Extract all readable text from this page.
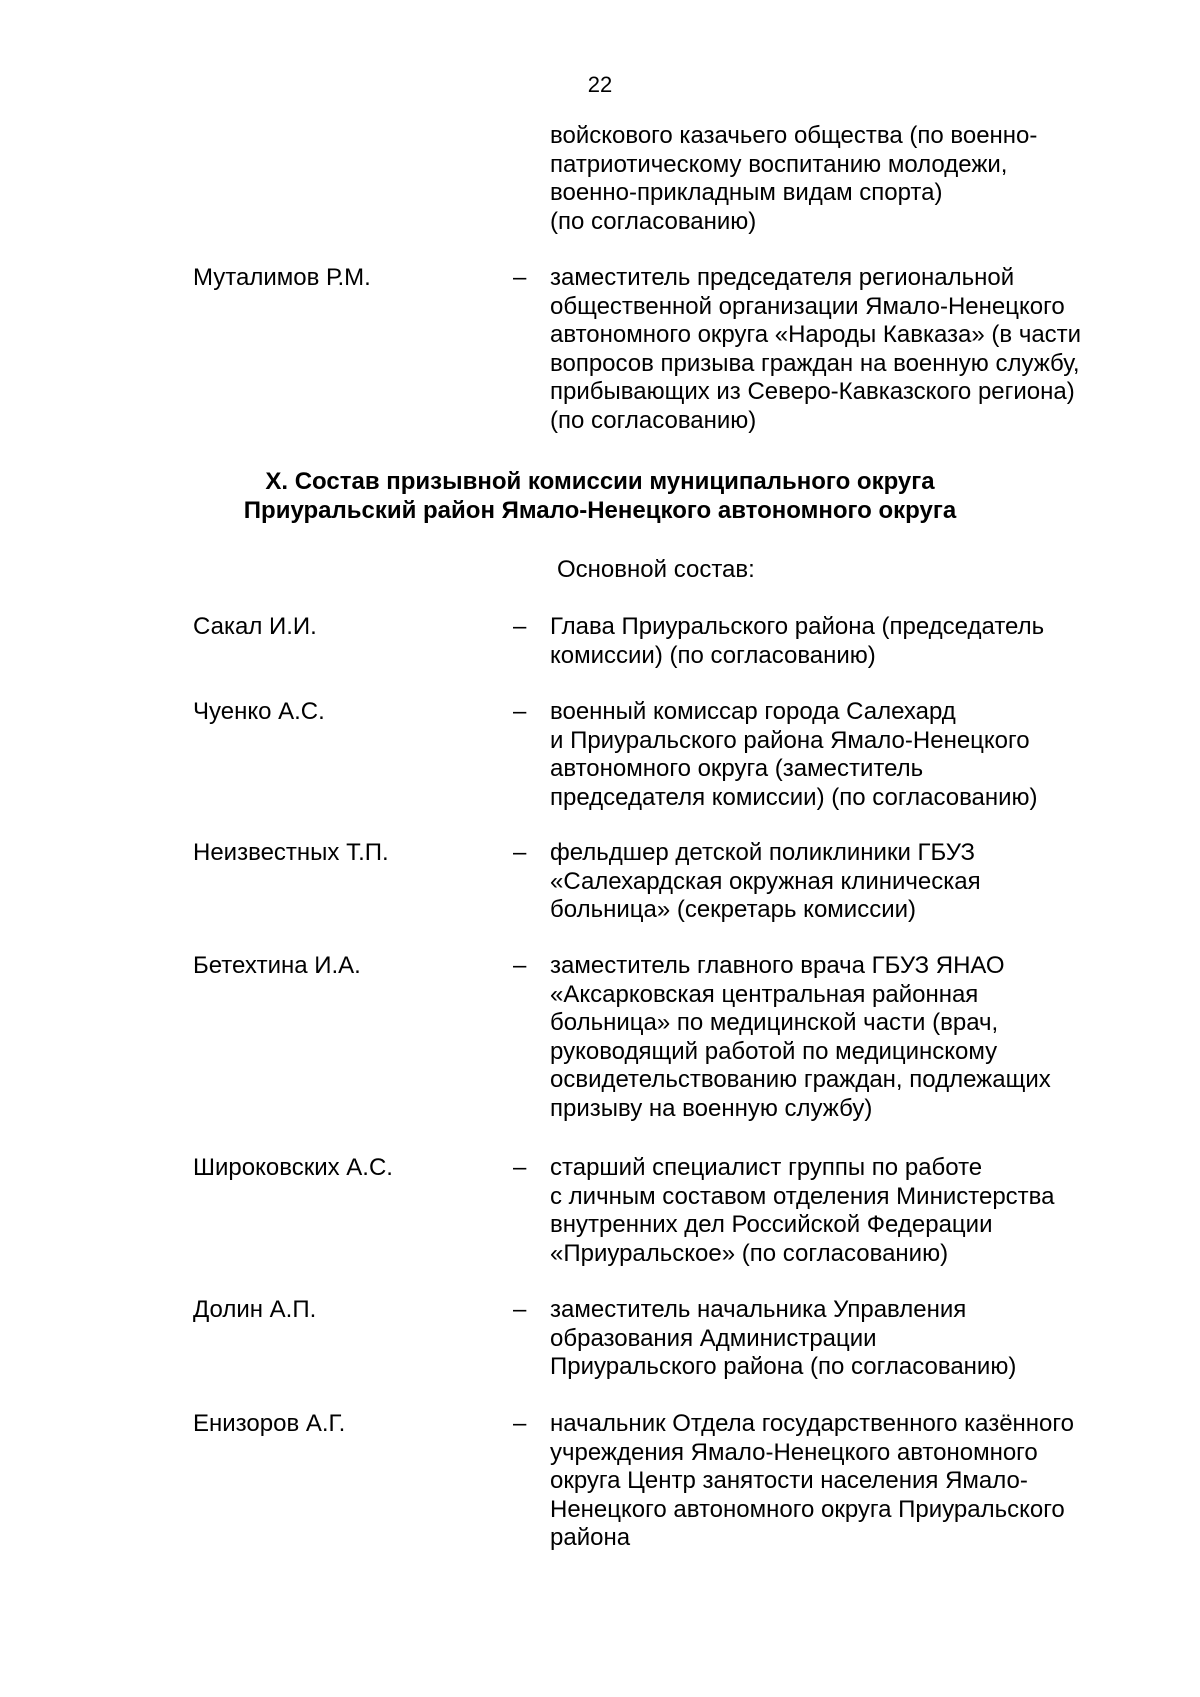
22
войскового казачьего общества (по военно-
патриотическому воспитанию молодежи,
военно-прикладным видам спорта)
(по согласованию)
Муталимов Р.М.	– заместитель председателя региональной
общественной организации Ямало-Ненецкого
автономного округа «Народы Кавказа» (в части
вопросов призыва граждан на военную службу,
прибывающих из Северо-Кавказского региона)
(по согласованию)
X. Состав призывной комиссии муниципального округа
Приуральский район Ямало-Ненецкого автономного округа
Основной состав:
Сакал И.И.	– Глава Приуральского района (председатель
комиссии) (по согласованию)
Чуенко А.С.	– военный комиссар города Салехард
и Приуральского района Ямало-Ненецкого
автономного округа (заместитель
председателя комиссии) (по согласованию)
Неизвестных Т.П.	– фельдшер детской поликлиники ГБУЗ
«Салехардская окружная клиническая
больница» (секретарь комиссии)
Бетехтина И.А.	– заместитель главного врача ГБУЗ ЯНАО
«Аксарковская центральная районная
больница» по медицинской части (врач,
руководящий работой по медицинскому
освидетельствованию граждан, подлежащих
призыву на военную службу)
Широковских А.С.	– старший специалист группы по работе
с личным составом отделения Министерства
внутренних дел Российской Федерации
«Приуральское» (по согласованию)
Долин А.П.	– заместитель начальника Управления
образования Администрации
Приуральского района (по согласованию)
Енизоров А.Г.	– начальник Отдела государственного казённого
учреждения Ямало-Ненецкого автономного
округа Центр занятости населения Ямало-
Ненецкого автономного округа Приуральского
района
